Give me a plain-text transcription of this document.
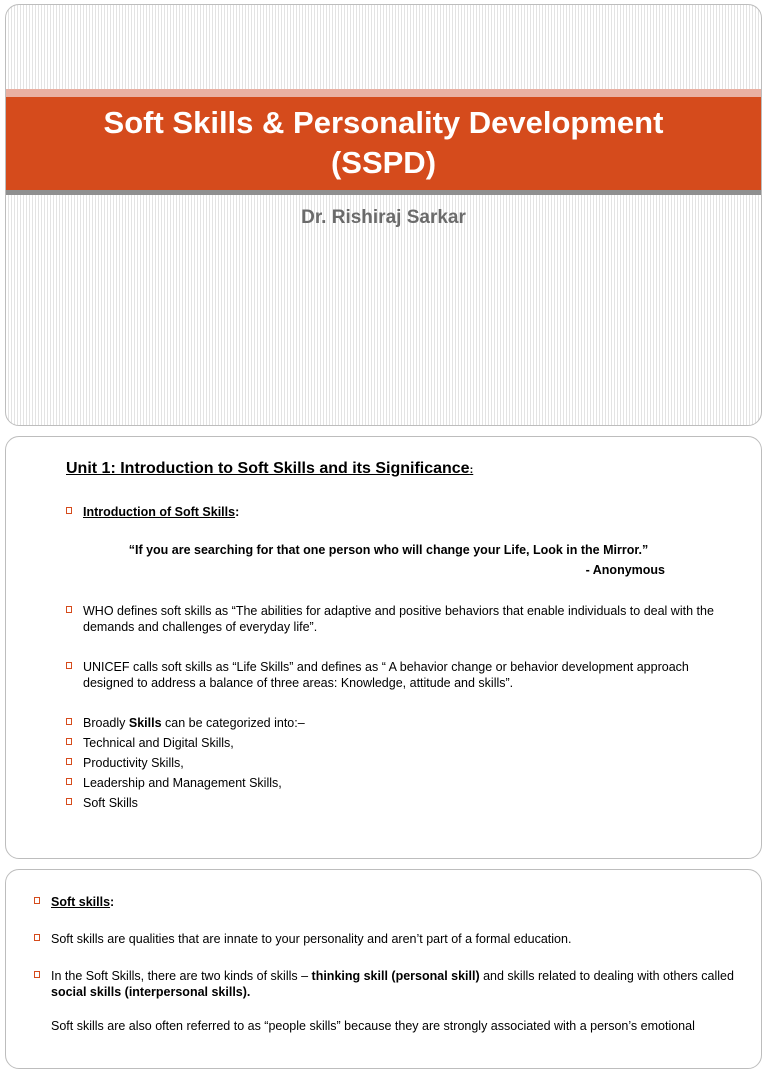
Soft Skills & Personality Development
(SSPD)
Dr. Rishiraj Sarkar
Unit 1: Introduction to Soft Skills and its Significance:
Introduction of Soft Skills:
“If you are searching for that one person who will change your Life, Look in the Mirror.”
- Anonymous
WHO defines soft skills as “The abilities for adaptive and positive behaviors that enable individuals to deal with the demands and challenges of everyday life”.
UNICEF calls soft skills as “Life Skills” and defines as “ A behavior change or behavior development approach designed to address a balance of three areas: Knowledge, attitude and skills”.
Broadly Skills can be categorized into:–
Technical and Digital Skills,
Productivity Skills,
Leadership and Management Skills,
Soft Skills
Soft skills:
Soft skills are qualities that are innate to your personality and aren’t part of a formal education.
In the Soft Skills, there are two kinds of skills – thinking skill (personal skill) and skills related to dealing with others called social skills (interpersonal skills).
Soft skills are also often referred to as “people skills” because they are strongly associated with a person’s emotional
